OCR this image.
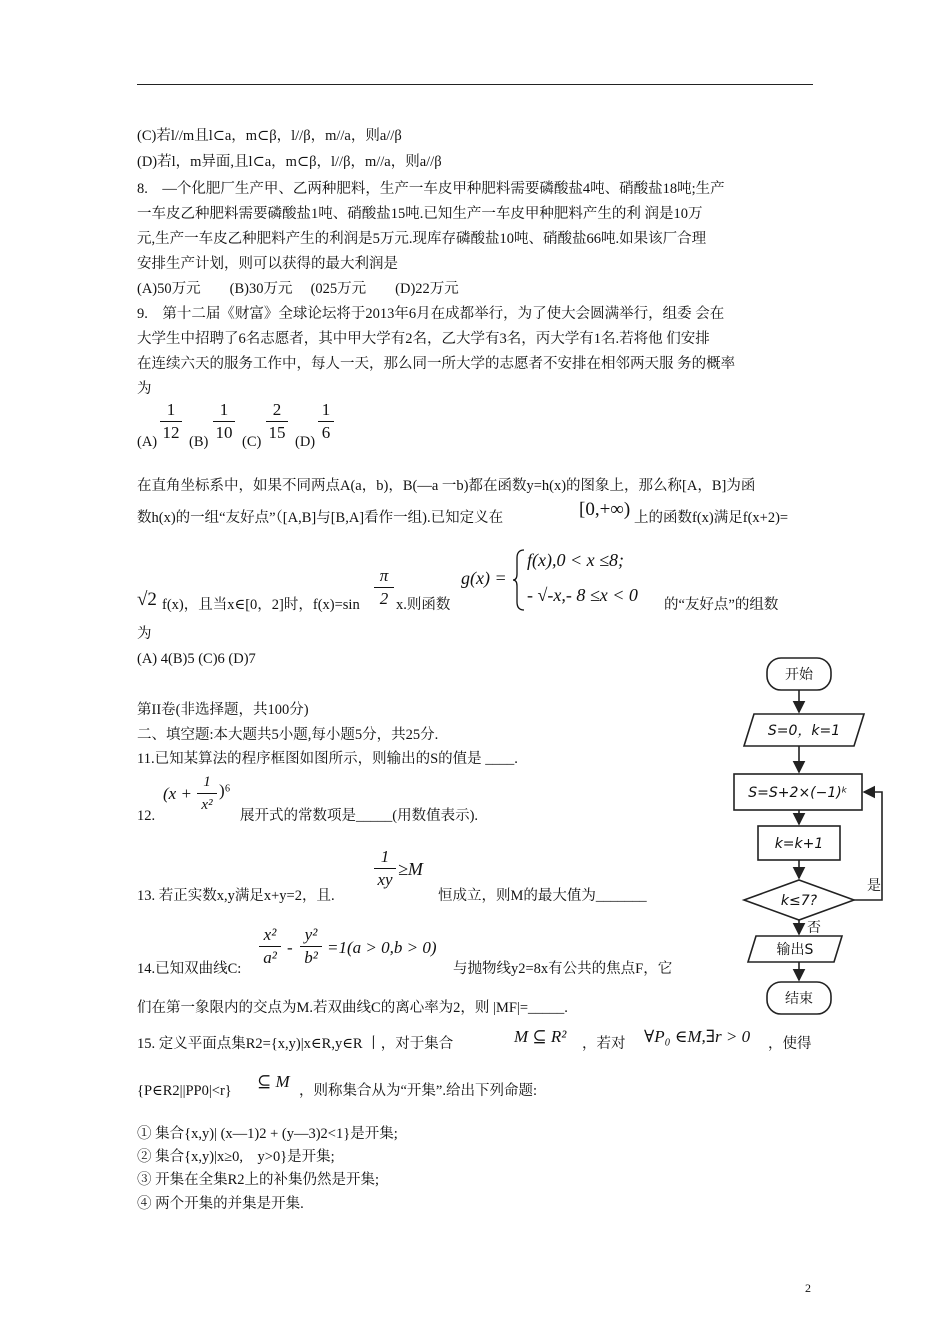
(C)若l//m且l⊂a，m⊂β，l//β，m//a，则a//β
(D)若l，m异面,且l⊂a，m⊂β，l//β，m//a，则a//β
8.　—个化肥厂生产甲、乙两种肥料，生产一车皮甲种肥料需要磷酸盐4吨、硝酸盐18吨;生产
一车皮乙种肥料需要磷酸盐1吨、硝酸盐15吨.已知生产一车皮甲种肥料产生的利 润是10万
元,生产一车皮乙种肥料产生的利润是5万元.现库存磷酸盐10吨、硝酸盐66吨.如果该厂合理
安排生产计划，则可以获得的最大利润是
(A)50万元　　(B)30万元　 (025万元　　(D)22万元
9.　第十二届《财富》全球论坛将于2013年6月在成都举行，为了使大会圆满举行，组委 会在
大学生中招聘了6名志愿者，其中甲大学有2名，乙大学有3名，丙大学有1名.若将他 们安排
在连续六天的服务工作中，每人一天，那么同一所大学的志愿者不安排在相邻两天服 务的概率
为
(A)
1
12 (B)
1
10 (C)
2
15 (D)
1
6
在直角坐标系中，如果不同两点A(a，b)，B(—a 一b)都在函数y=h(x)的图象上，那么称[A，B]为函
数h(x)的一组“友好点”（[A,B]与[B,A]看作一组).已知定义在	[0,+∞) 上的函数f(x)满足f(x+2)=
√2 f(x)，且当x∈[0，2]时，f(x)=sin
π
2 x.则函数
g(x) =
f(x),0 < x ≤8;
- √-x,- 8 ≤x < 0 的“友好点”的组数
为
(A) 4(B)5 (C)6 (D)7
第II卷(非选择题，共100分)
二、填空题:本大题共5小题,每小题5分，共25分.
11.已知某算法的程序框图如图所示，则输出的S的值是 ____.
12.
(x +
1
x²
)⁶
展开式的常数项是_____(用数值表示).
13. 若正实数x,y满足x+y=2，且.
1
xy
≥M
恒成立，则M的最大值为_______
14.已知双曲线C:
x²
a²
-
y²
b²
=1(a > 0,b > 0)
与抛物线y2=8x有公共的焦点F，它
们在第一象限内的交点为M.若双曲线C的离心率为2，则 |MF|=_____.
15. 定义平面点集R2={x,y)|x∈R,y∈R 丨，对于集合	M ⊆ R² ，若对 ∀P₀ ∈M,∃r > 0 ，使得
{P∈R2||PP0|<r} ⊆ M ，则称集合从为“开集”.给出下列命题:
① 集合{x,y)| (x—1)2 + (y—3)2<1}是开集;
② 集合{x,y)|x≥0,　y>0}是开集;
③ 开集在全集R2上的补集仍然是开集;
④ 两个开集的并集是开集.
2
开始
S=0，k=1
S=S+2×(−1)ᵏ
k=k+1
k≤7?
是
否
输出S
结束
